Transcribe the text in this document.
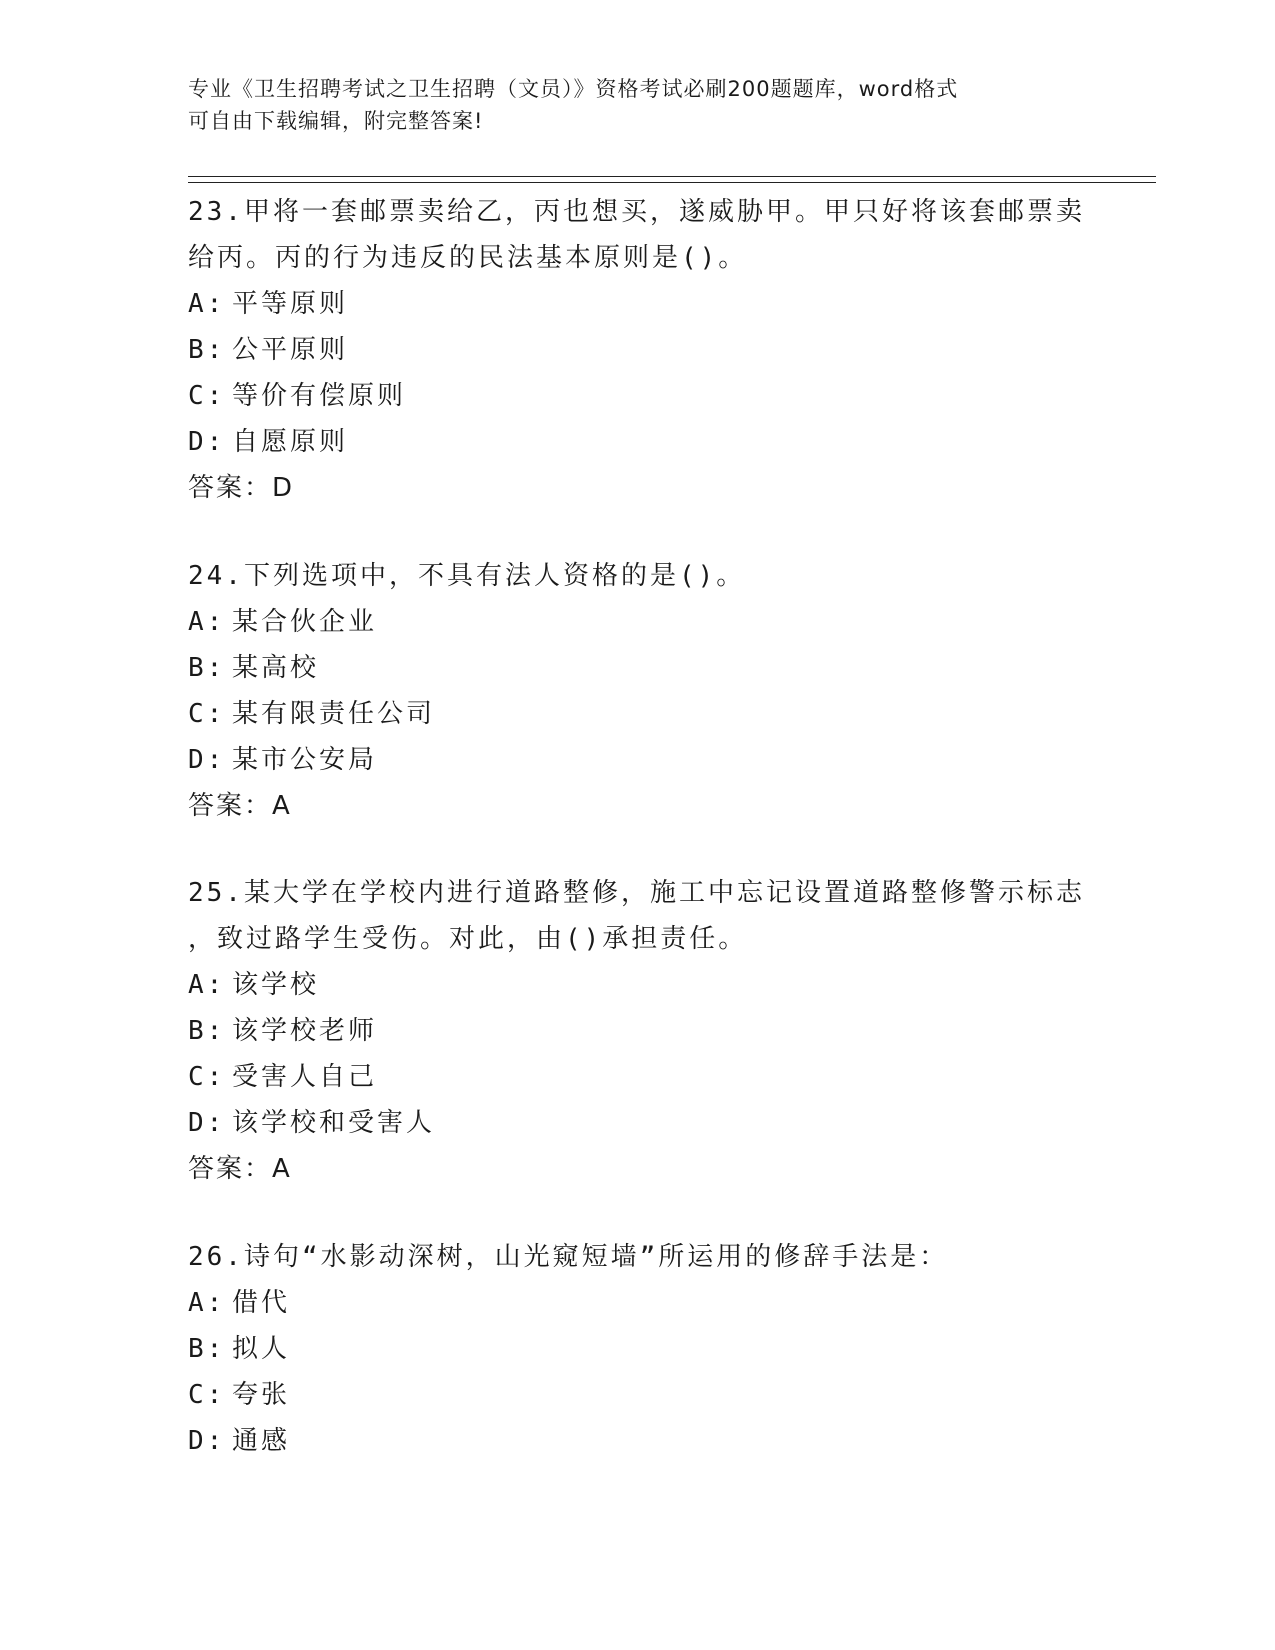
专业《卫生招聘考试之卫生招聘（文员）》资格考试必刷200题题库，word格式
可自由下载编辑，附完整答案!
23.甲将一套邮票卖给乙，丙也想买，遂威胁甲。甲只好将该套邮票卖
给丙。丙的行为违反的民法基本原则是()。
A: 平等原则
B: 公平原则
C: 等价有偿原则
D: 自愿原则
答案：D
24.下列选项中，不具有法人资格的是()。
A: 某合伙企业
B: 某高校
C: 某有限责任公司
D: 某市公安局
答案：A
25.某大学在学校内进行道路整修，施工中忘记设置道路整修警示标志
，致过路学生受伤。对此，由()承担责任。
A: 该学校
B: 该学校老师
C: 受害人自己
D: 该学校和受害人
答案：A
26.诗句“水影动深树，山光窥短墙”所运用的修辞手法是：
A: 借代
B: 拟人
C: 夸张
D: 通感
